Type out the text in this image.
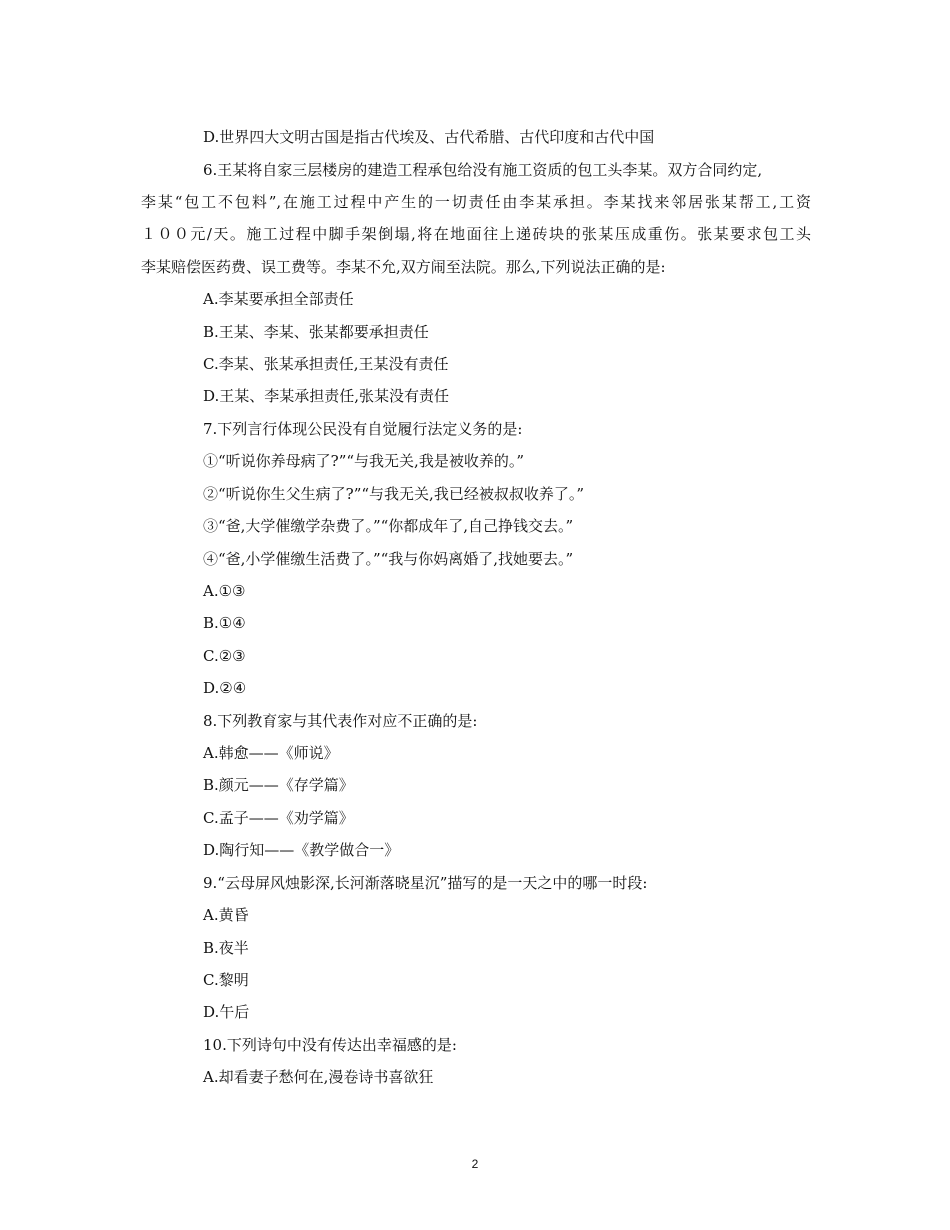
D.世界四大文明古国是指古代埃及、古代希腊、古代印度和古代中国
6.王某将自家三层楼房的建造工程承包给没有施工资质的包工头李某。双方合同约定,
李某“包工不包料”,在施工过程中产生的一切责任由李某承担。李某找来邻居张某帮工,工资
１００元/天。施工过程中脚手架倒塌,将在地面往上递砖块的张某压成重伤。张某要求包工头
李某赔偿医药费、误工费等。李某不允,双方闹至法院。那么,下列说法正确的是:
A.李某要承担全部责任
B.王某、李某、张某都要承担责任
C.李某、张某承担责任,王某没有责任
D.王某、李某承担责任,张某没有责任
7.下列言行体现公民没有自觉履行法定义务的是:
①“听说你养母病了?”“与我无关,我是被收养的。”
②“听说你生父生病了?”“与我无关,我已经被叔叔收养了。”
③“爸,大学催缴学杂费了。”“你都成年了,自己挣钱交去。”
④“爸,小学催缴生活费了。”“我与你妈离婚了,找她要去。”
A.①③
B.①④
C.②③
D.②④
8.下列教育家与其代表作对应不正确的是:
A.韩愈——《师说》
B.颜元——《存学篇》
C.孟子——《劝学篇》
D.陶行知——《教学做合一》
9.“云母屏风烛影深,长河渐落晓星沉”描写的是一天之中的哪一时段:
A.黄昏
B.夜半
C.黎明
D.午后
10.下列诗句中没有传达出幸福感的是:
A.却看妻子愁何在,漫卷诗书喜欲狂
2
